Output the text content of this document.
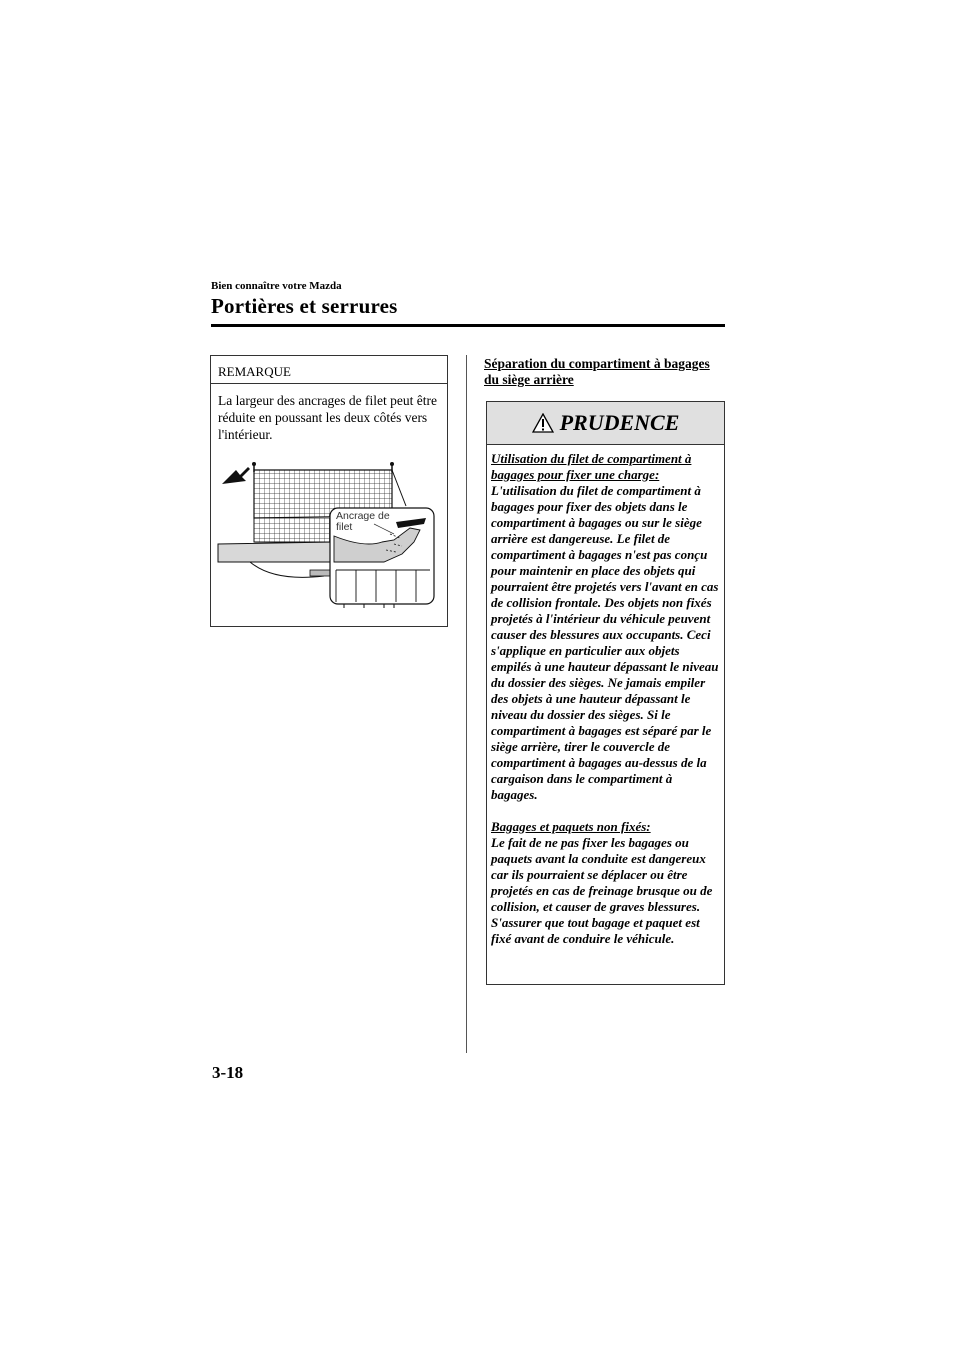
Bien connaître votre Mazda
Portières et serrures
REMARQUE
La largeur des ancrages de filet peut être réduite en poussant les deux côtés vers l'intérieur.
Ancrage de
filet
Séparation du compartiment à bagages du siège arrière
PRUDENCE
Utilisation du filet de compartiment à bagages pour fixer une charge:
L'utilisation du filet de compartiment à bagages pour fixer des objets dans le compartiment à bagages ou sur le siège arrière est dangereuse. Le filet de compartiment à bagages n'est pas conçu pour maintenir en place des objets qui pourraient être projetés vers l'avant en cas de collision frontale. Des objets non fixés projetés à l'intérieur du véhicule peuvent causer des blessures aux occupants. Ceci s'applique en particulier aux objets empilés à une hauteur dépassant le niveau du dossier des sièges. Ne jamais empiler des objets à une hauteur dépassant le niveau du dossier des sièges. Si le compartiment à bagages est séparé par le siège arrière, tirer le couvercle de compartiment à bagages au-dessus de la cargaison dans le compartiment à bagages.
Bagages et paquets non fixés:
Le fait de ne pas fixer les bagages ou paquets avant la conduite est dangereux car ils pourraient se déplacer ou être projetés en cas de freinage brusque ou de collision, et causer de graves blessures. S'assurer que tout bagage et paquet est fixé avant de conduire le véhicule.
3-18
